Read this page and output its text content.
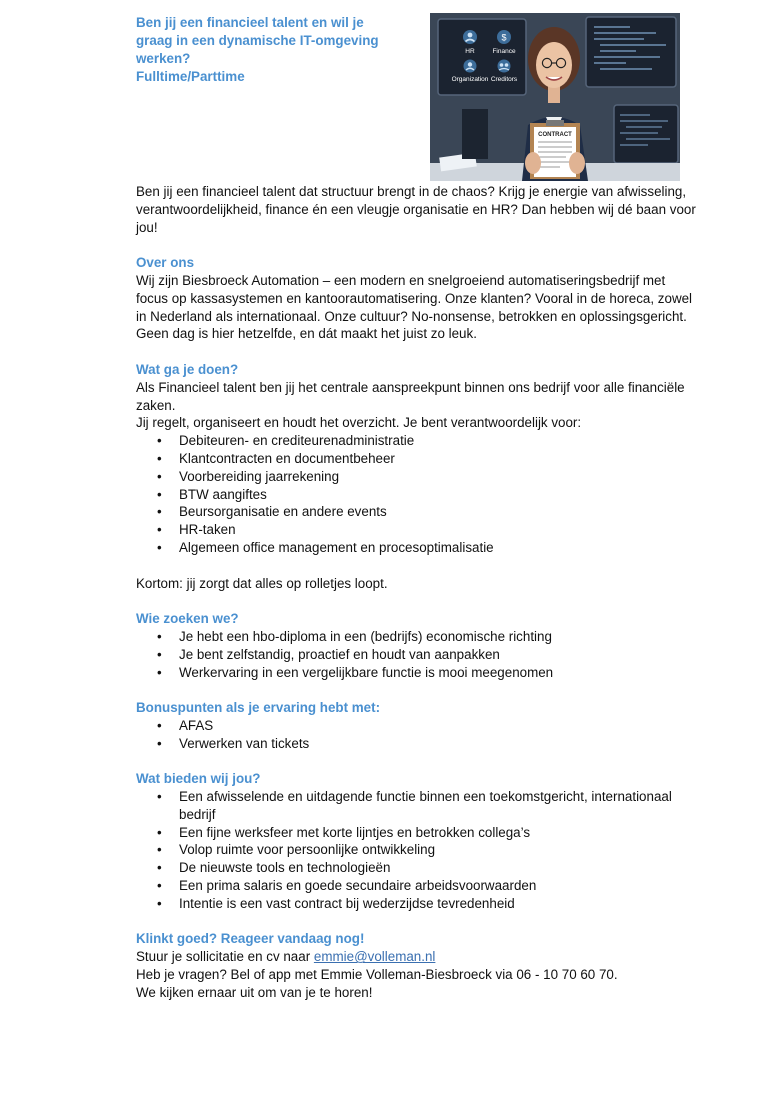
Ben jij een financieel talent en wil je
graag in een dynamische IT-omgeving
werken?
Fulltime/Parttime
HR
$
Finance
Organization Creditors
CONTRACT

Ben jij een financieel talent dat structuur brengt in de chaos? Krijg je energie van afwisseling, verantwoordelijkheid, finance én een vleugje organisatie en HR? Dan hebben wij dé baan voor jou!

Over ons

Wij zijn Biesbroeck Automation – een modern en snelgroeiend automatiseringsbedrijf met focus op kassasystemen en kantoorautomatisering. Onze klanten? Vooral in de horeca, zowel in Nederland als internationaal. Onze cultuur? No-nonsense, betrokken en oplossingsgericht. Geen dag is hier hetzelfde, en dát maakt het juist zo leuk.

Wat ga je doen?

Als Financieel talent ben jij het centrale aanspreekpunt binnen ons bedrijf voor alle financiële zaken.

Jij regelt, organiseert en houdt het overzicht. Je bent verantwoordelijk voor:

• Debiteuren- en crediteurenadministratie
• Klantcontracten en documentbeheer
• Voorbereiding jaarrekening
• BTW aangiftes
• Beursorganisatie en andere events
• HR-taken
• Algemeen office management en procesoptimalisatie

Kortom: jij zorgt dat alles op rolletjes loopt.

Wie zoeken we?

• Je hebt een hbo-diploma in een (bedrijfs) economische richting
• Je bent zelfstandig, proactief en houdt van aanpakken
• Werkervaring in een vergelijkbare functie is mooi meegenomen

Bonuspunten als je ervaring hebt met:

• AFAS
• Verwerken van tickets

Wat bieden wij jou?

• Een afwisselende en uitdagende functie binnen een toekomstgericht, internationaal bedrijf
• Een fijne werksfeer met korte lijntjes en betrokken collega’s
• Volop ruimte voor persoonlijke ontwikkeling
• De nieuwste tools en technologieën
• Een prima salaris en goede secundaire arbeidsvoorwaarden
• Intentie is een vast contract bij wederzijdse tevredenheid

Klinkt goed? Reageer vandaag nog!

Stuur je sollicitatie en cv naar emmie@volleman.nl

Heb je vragen? Bel of app met Emmie Volleman-Biesbroeck via 06 - 10 70 60 70.

We kijken ernaar uit om van je te horen!
